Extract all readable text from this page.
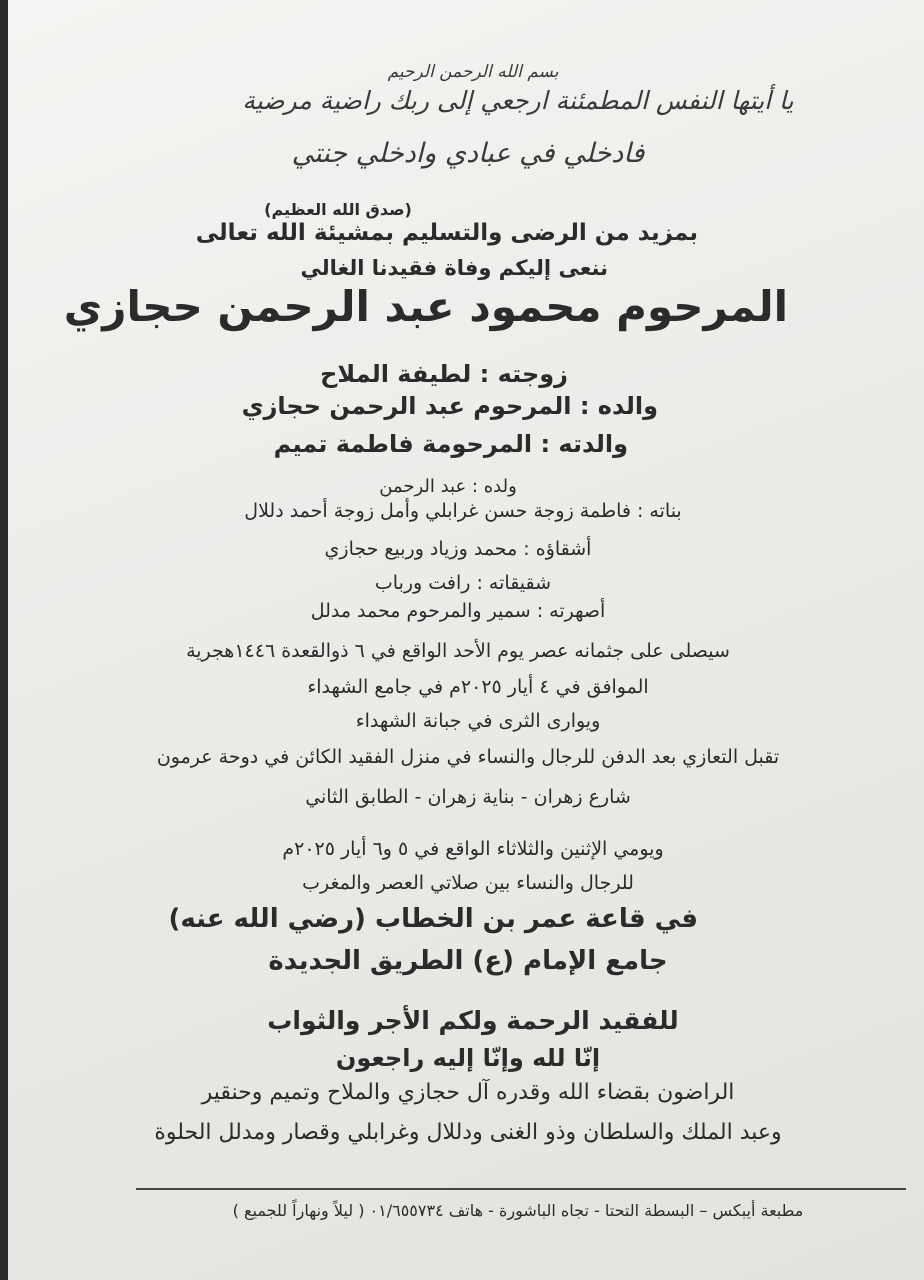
بسم الله الرحمن الرحيم
يا أيتها النفس المطمئنة ارجعي إلى ربك راضية مرضية
فادخلي في عبادي وادخلي جنتي
(صدق الله العظيم)
بمزيد من الرضى والتسليم بمشيئة الله تعالى
ننعى إليكم وفاة فقيدنا الغالي
المرحوم محمود عبد الرحمن حجازي
زوجته : لطيفة الملاح
والده : المرحوم عبد الرحمن حجازي
والدته : المرحومة فاطمة تميم
ولده : عبد الرحمن
بناته : فاطمة زوجة حسن غرابلي وأمل زوجة أحمد دللال
أشقاؤه : محمد وزياد وربيع حجازي
شقيقاته : رافت ورباب
أصهرته : سمير والمرحوم محمد مدلل
سيصلى على جثمانه عصر يوم الأحد الواقع في ٦ ذوالقعدة ١٤٤٦هجرية
الموافق في ٤ أيار ٢٠٢٥م في جامع الشهداء
ويوارى الثرى في جبانة الشهداء
تقبل التعازي بعد الدفن للرجال والنساء في منزل الفقيد الكائن في دوحة عرمون
شارع زهران - بناية زهران - الطابق الثاني
ويومي الإثنين والثلاثاء الواقع في ٥ و٦ أيار ٢٠٢٥م
للرجال والنساء بين صلاتي العصر والمغرب
في قاعة عمر بن الخطاب (رضي الله عنه)
جامع الإمام (ع) الطريق الجديدة
للفقيد الرحمة ولكم الأجر والثواب
إنّا لله وإنّا إليه راجعون
الراضون بقضاء الله وقدره آل حجازي والملاح وتميم وحنقير
وعبد الملك والسلطان وذو الغنى ودللال وغرابلي وقصار ومدلل الحلوة
مطبعة أيبكس – البسطة التحتا - تجاه الباشورة - هاتف ٠١/٦٥٥٧٣٤ ( ليلاً ونهاراً للجميع )
